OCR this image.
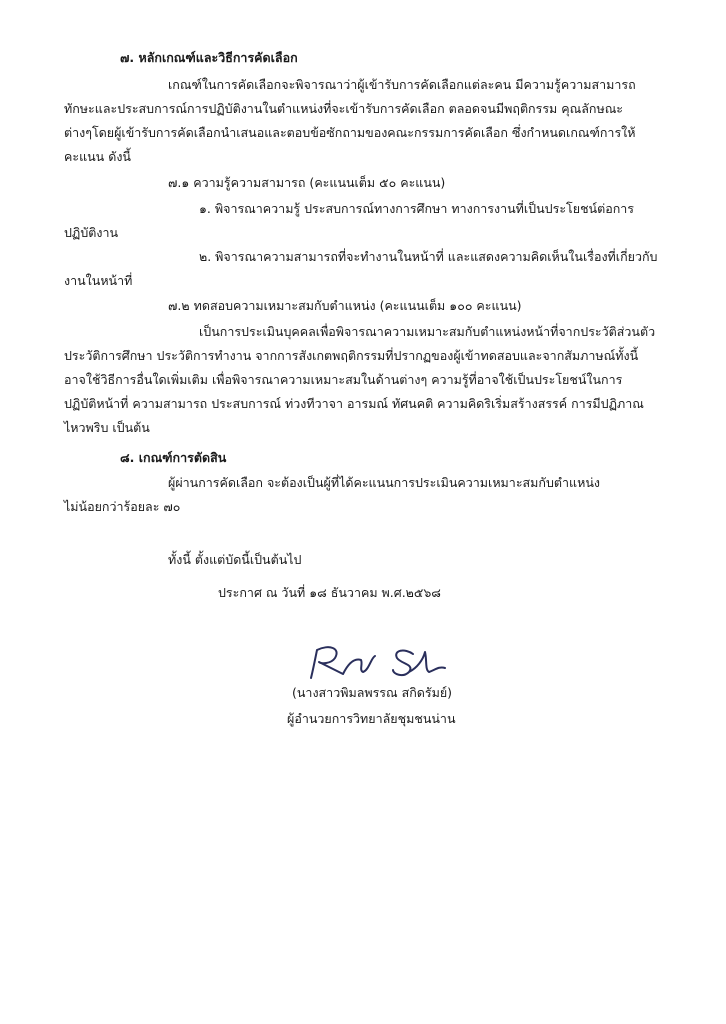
๗. หลักเกณฑ์และวิธีการคัดเลือก
เกณฑ์ในการคัดเลือกจะพิจารณาว่าผู้เข้ารับการคัดเลือกแต่ละคน มีความรู้ความสามารถ
ทักษะและประสบการณ์การปฏิบัติงานในตำแหน่งที่จะเข้ารับการคัดเลือก ตลอดจนมีพฤติกรรม คุณลักษณะ
ต่างๆโดยผู้เข้ารับการคัดเลือกนำเสนอและตอบข้อซักถามของคณะกรรมการคัดเลือก ซึ่งกำหนดเกณฑ์การให้
คะแนน ดังนี้
๗.๑ ความรู้ความสามารถ (คะแนนเต็ม ๕๐ คะแนน)
๑. พิจารณาความรู้ ประสบการณ์ทางการศึกษา ทางการงานที่เป็นประโยชน์ต่อการ
ปฏิบัติงาน
๒. พิจารณาความสามารถที่จะทำงานในหน้าที่ และแสดงความคิดเห็นในเรื่องที่เกี่ยวกับ
งานในหน้าที่
๗.๒ ทดสอบความเหมาะสมกับตำแหน่ง (คะแนนเต็ม ๑๐๐ คะแนน)
เป็นการประเมินบุคคลเพื่อพิจารณาความเหมาะสมกับตำแหน่งหน้าที่จากประวัติส่วนตัว
ประวัติการศึกษา ประวัติการทำงาน จากการสังเกตพฤติกรรมที่ปรากฏของผู้เข้าทดสอบและจากสัมภาษณ์ทั้งนี้
อาจใช้วิธีการอื่นใดเพิ่มเติม เพื่อพิจารณาความเหมาะสมในด้านต่างๆ ความรู้ที่อาจใช้เป็นประโยชน์ในการ
ปฏิบัติหน้าที่ ความสามารถ ประสบการณ์ ท่วงทีวาจา อารมณ์ ทัศนคติ ความคิดริเริ่มสร้างสรรค์ การมีปฏิภาณ
ไหวพริบ เป็นต้น
๘. เกณฑ์การตัดสิน
ผู้ผ่านการคัดเลือก จะต้องเป็นผู้ที่ได้คะแนนการประเมินความเหมาะสมกับตำแหน่ง
ไม่น้อยกว่าร้อยละ ๗๐
ทั้งนี้ ตั้งแต่บัดนี้เป็นต้นไป
ประกาศ ณ วันที่ ๑๘ ธันวาคม พ.ศ.๒๕๖๘
(นางสาวพิมลพรรณ สกิดรัมย์)
ผู้อำนวยการวิทยาลัยชุมชนน่าน
